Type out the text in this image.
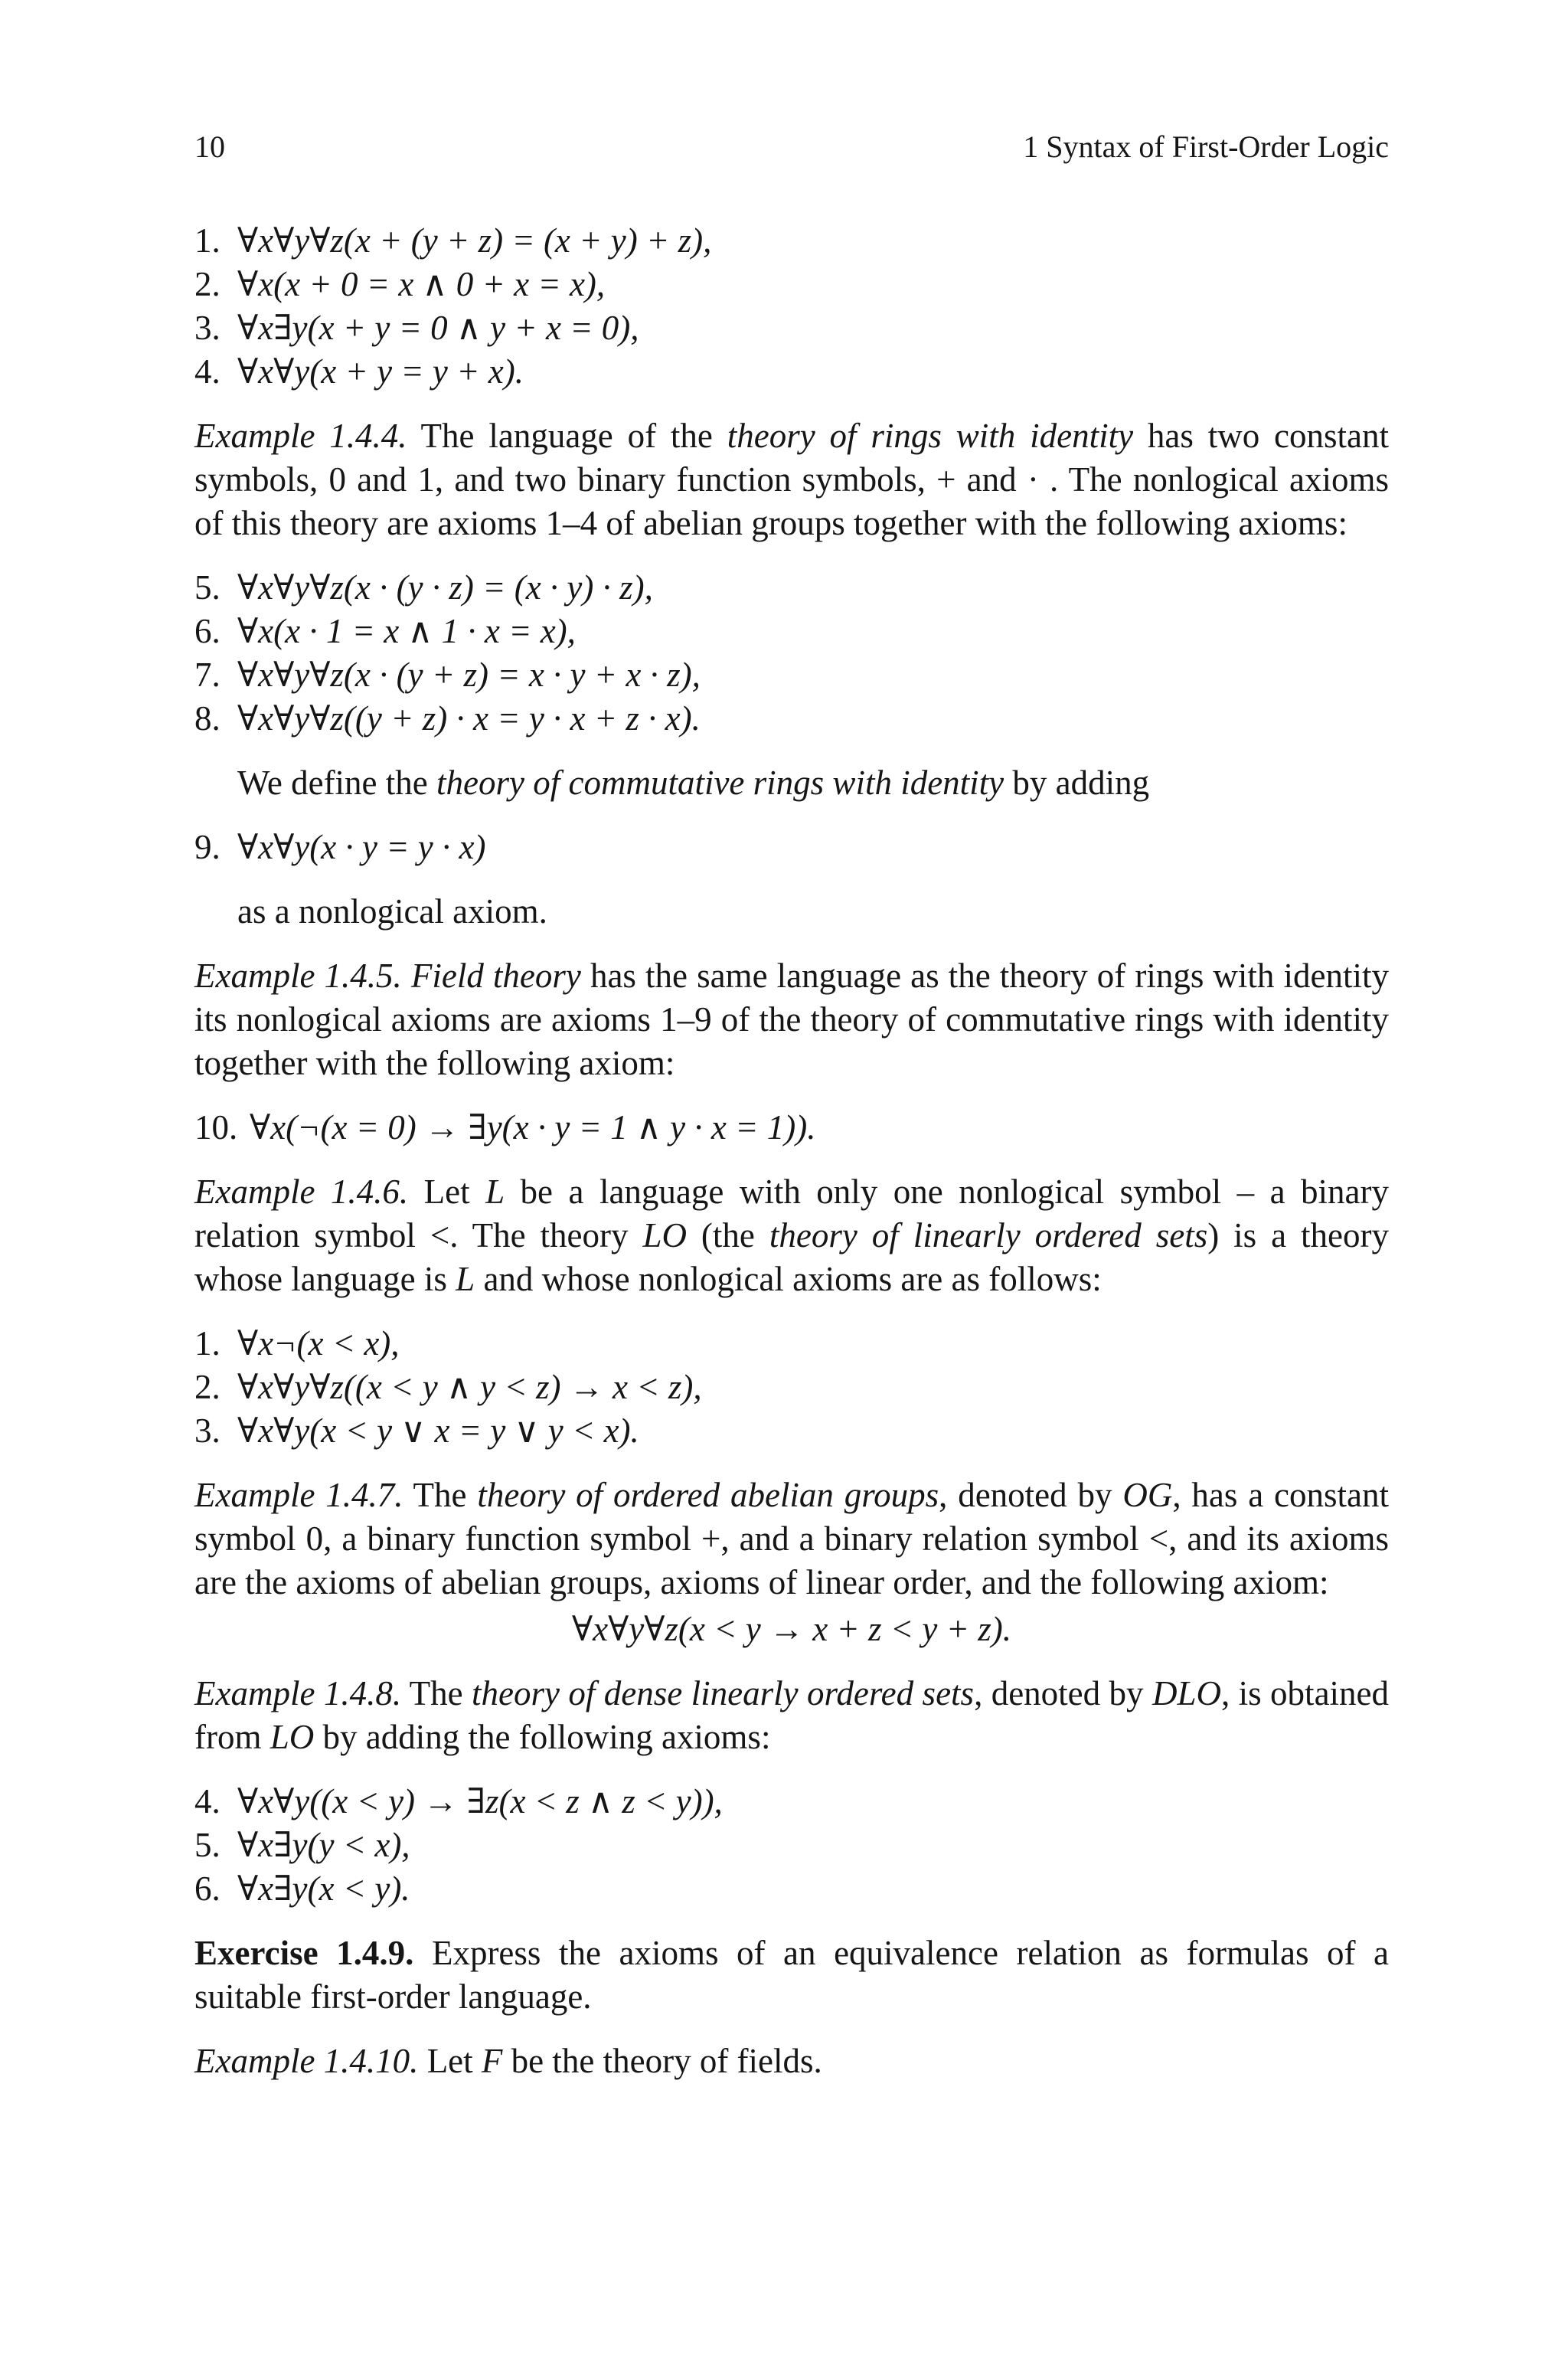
10	1 Syntax of First-Order Logic
1. ∀x∀y∀z(x + (y + z) = (x + y) + z),
2. ∀x(x + 0 = x ∧ 0 + x = x),
3. ∀x∃y(x + y = 0 ∧ y + x = 0),
4. ∀x∀y(x + y = y + x).

Example 1.4.4. The language of the theory of rings with identity has two constant symbols, 0 and 1, and two binary function symbols, + and · . The nonlogical axioms of this theory are axioms 1–4 of abelian groups together with the following axioms:

5. ∀x∀y∀z(x · (y · z) = (x · y) · z),
6. ∀x(x · 1 = x ∧ 1 · x = x),
7. ∀x∀y∀z(x · (y + z) = x · y + x · z),
8. ∀x∀y∀z((y + z) · x = y · x + z · x).

We define the theory of commutative rings with identity by adding

9. ∀x∀y(x · y = y · x)

as a nonlogical axiom.

Example 1.4.5. Field theory has the same language as the theory of rings with identity its nonlogical axioms are axioms 1–9 of the theory of commutative rings with identity together with the following axiom:

10. ∀x(¬(x = 0) → ∃y(x · y = 1 ∧ y · x = 1)).

Example 1.4.6. Let L be a language with only one nonlogical symbol – a binary relation symbol <. The theory LO (the theory of linearly ordered sets) is a theory whose language is L and whose nonlogical axioms are as follows:

1. ∀x¬(x < x),
2. ∀x∀y∀z((x < y ∧ y < z) → x < z),
3. ∀x∀y(x < y ∨ x = y ∨ y < x).

Example 1.4.7. The theory of ordered abelian groups, denoted by OG, has a constant symbol 0, a binary function symbol +, and a binary relation symbol <, and its axioms are the axioms of abelian groups, axioms of linear order, and the following axiom:

∀x∀y∀z(x < y → x + z < y + z).

Example 1.4.8. The theory of dense linearly ordered sets, denoted by DLO, is obtained from LO by adding the following axioms:

4. ∀x∀y((x < y) → ∃z(x < z ∧ z < y)),
5. ∀x∃y(y < x),
6. ∀x∃y(x < y).

Exercise 1.4.9. Express the axioms of an equivalence relation as formulas of a suitable first-order language.

Example 1.4.10. Let F be the theory of fields.
